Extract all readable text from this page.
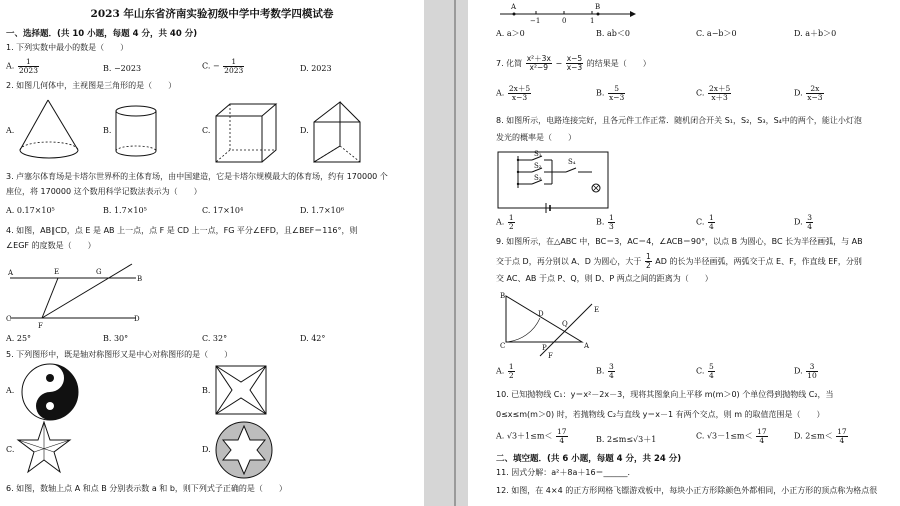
2023 年山东省济南实验初级中学中考数学四模试卷
一、选择题．(共 10 小题，每题 4 分，共 40 分)
1. 下列实数中最小的数是（　　）
A. $\frac{1}{2023}$	B. −2023	C. − $\frac{1}{2023}$	D. 2023
2. 如图几何体中，主视图是三角形的是（　　）
A.	B.	C.	D.
3. 卢塞尔体育场是卡塔尔世界杯的主体育场，由中国建造，它是卡塔尔规模最大的体育场，约有 170000 个
座位，将 170000 这个数用科学记数法表示为（　　）
A. 0.17×10⁵	B. 1.7×10⁵	C. 17×10⁴	D. 1.7×10⁶
4. 如图，AB∥CD，点 E 是 AB 上一点，点 F 是 CD 上一点，FG 平分∠EFD，且∠BEF＝116°，则
∠EGF 的度数是（　　）
A	E	G
B
C
F
D
A. 25°	B. 30°	C. 32°	D. 42°
5. 下列图形中，既是轴对称图形又是中心对称图形的是（　　）
A.	B.
C.	D.
6. 如图，数轴上点 A 和点 B 分别表示数 a 和 b，则下列式子正确的是（　　）
A	B
−1	0	1
A. a＞0	B. ab＜0	C. a−b＞0	D. a＋b＞0
7. 化简 $\frac{\text{x²＋3x}}{\text{x²−9}} - \frac{x-5}{x-3}$ 的结果是（　　）
A. $\frac{2x+5}{x-3}$	B. $\frac{5}{x-3}$	C. $\frac{2x+5}{x+3}$	D. $\frac{2x}{x-3}$
8. 如图所示，电路连接完好，且各元件工作正常．随机闭合开关 S₁，S₂，S₃，S₄中的两个，能让小灯泡
发光的概率是（　　）
S₁
S₂
S₃
S₄
A. $\frac{1}{2}$	B. $\frac{1}{3}$	C. $\frac{1}{4}$	D. $\frac{3}{4}$
9. 如图所示，在△ABC 中，BC＝3，AC＝4，∠ACB＝90°，以点 B 为圆心，BC 长为半径画弧，与 AB
交于点 D，再分别以 A、D 为圆心，大于 $\frac{1}{2}$ AD 的长为半径画弧，两弧交于点 E、F，作直线 EF，分别
交 AC、AB 于点 P、Q，则 D、P 两点之间的距离为（　　）
B
C	A
D
Q
P
E
F
A. $\frac{1}{2}$	B. $\frac{3}{4}$	C. $\frac{5}{4}$	D. $\frac{3}{10}$
10. 已知抛物线 C₁：y＝x²－2x－3，现将其图象向上平移 m(m＞0) 个单位得到抛物线 C₂，当
0≤x≤m(m＞0) 时，若抛物线 C₂与直线 y＝x－1 有两个交点，则 m 的取值范围是（　　）
A. $√3+1\le m< \frac{17}{4}$	B. 2≤m≤√3＋1	C. $√3-1\le m< \frac{17}{4}$	D. $2\le m< \frac{17}{4}$
二、填空题．(共 6 小题，每题 4 分，共 24 分)
11. 因式分解：a²＋8a＋16＝______．
12. 如图，在 4×4 的正方形网格飞镖游戏板中，每块小正方形除颜色外都相同，小正方形的顶点称为格点很
